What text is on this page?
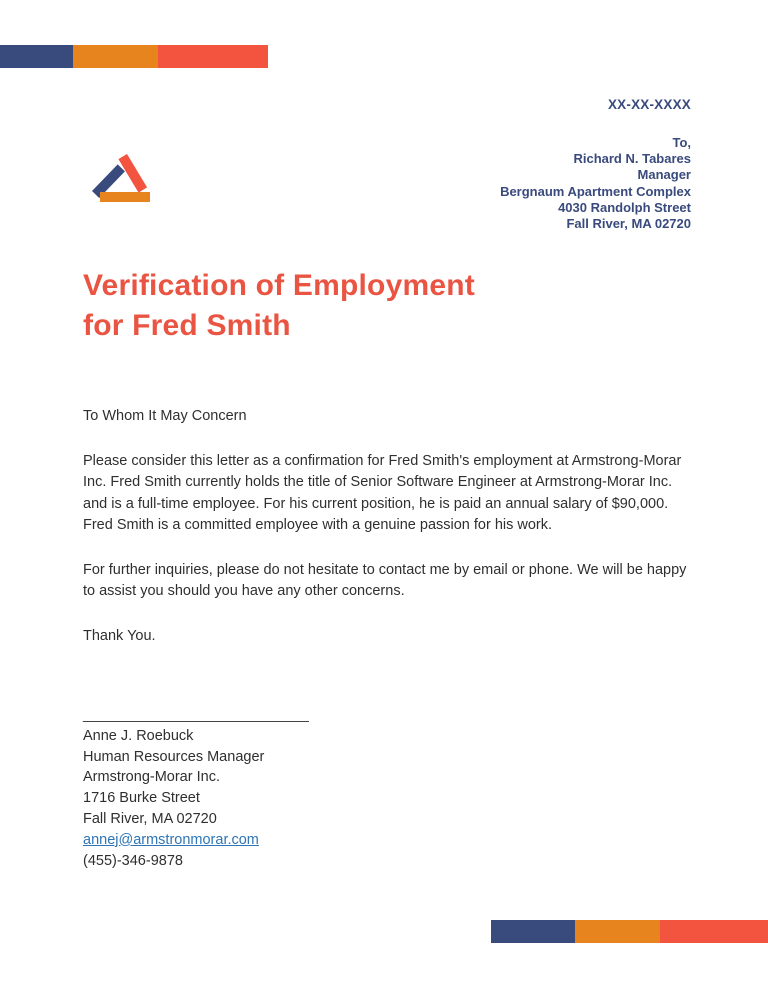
XX-XX-XXXX
To,
Richard N. Tabares
Manager
Bergnaum Apartment Complex
4030 Randolph Street
Fall River, MA 02720
Verification of Employment
for Fred Smith
To Whom It May Concern

Please consider this letter as a confirmation for Fred Smith's employment at Armstrong-Morar Inc. Fred Smith currently holds the title of Senior Software Engineer at Armstrong-Morar Inc. and is a full-time employee. For his current position, he is paid an annual salary of $90,000. Fred Smith is a committed employee with a genuine passion for his work.

For further inquiries, please do not hesitate to contact me by email or phone. We will be happy to assist you should you have any other concerns.

Thank You.
____________________________
Anne J. Roebuck
Human Resources Manager
Armstrong-Morar Inc.
1716 Burke Street
Fall River, MA 02720
annej@armstronmorar.com
(455)-346-9878
